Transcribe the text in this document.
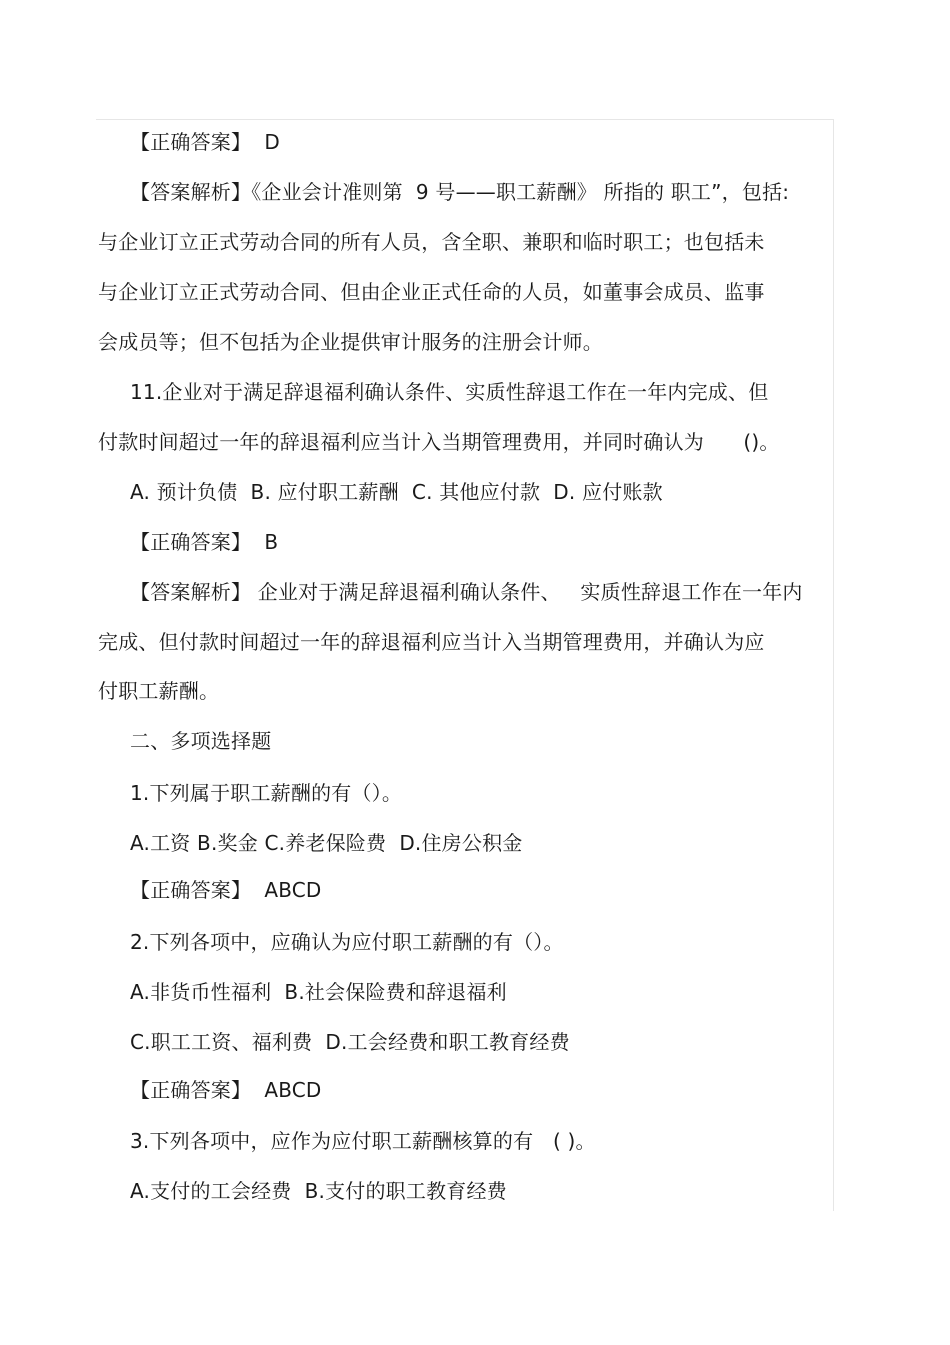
【正确答案】  D
【答案解析】《企业会计准则第  9 号——职工薪酬》 所指的 职工”，包括:
与企业订立正式劳动合同的所有人员，含全职、兼职和临时职工；也包括未
与企业订立正式劳动合同、但由企业正式任命的人员，如董事会成员、监事
会成员等；但不包括为企业提供审计服务的注册会计师。
11.企业对于满足辞退福利确认条件、实质性辞退工作在一年内完成、但
付款时间超过一年的辞退福利应当计入当期管理费用，并同时确认为      ()。
A. 预计负债  B. 应付职工薪酬  C. 其他应付款  D. 应付账款
【正确答案】  B
【答案解析】 企业对于满足辞退福利确认条件、   实质性辞退工作在一年内
完成、但付款时间超过一年的辞退福利应当计入当期管理费用，并确认为应
付职工薪酬。
二、多项选择题
1.下列属于职工薪酬的有（）。
A.工资 B.奖金 C.养老保险费  D.住房公积金
【正确答案】  ABCD
2.下列各项中，应确认为应付职工薪酬的有（）。
A.非货币性福利  B.社会保险费和辞退福利
C.职工工资、福利费  D.工会经费和职工教育经费
【正确答案】  ABCD
3.下列各项中，应作为应付职工薪酬核算的有   ( )。
A.支付的工会经费  B.支付的职工教育经费
